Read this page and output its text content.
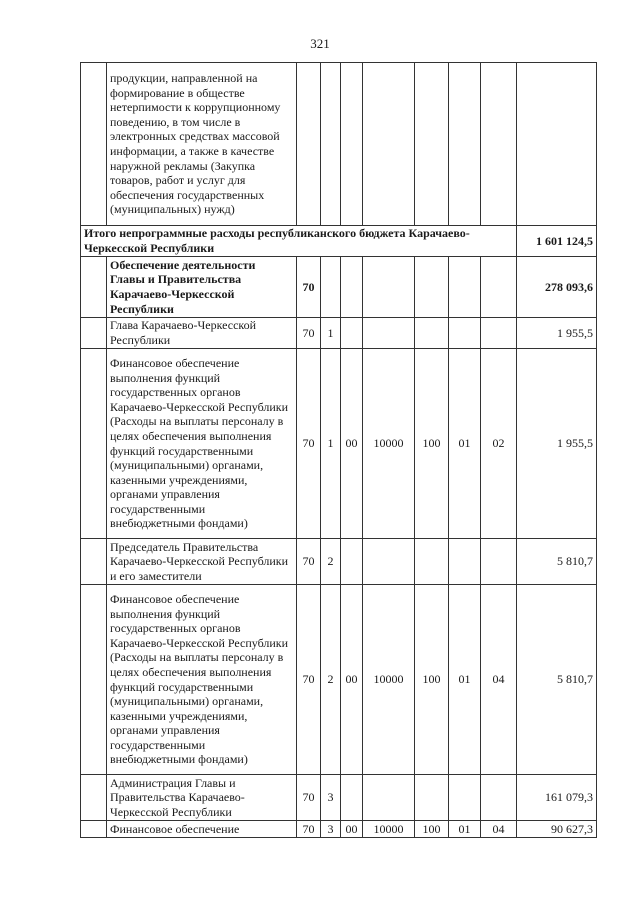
321
	продукции, направленной на формирование в обществе нетерпимости к коррупционному поведению, в том числе в электронных средствах массовой информации, а также в качестве наружной рекламы (Закупка товаров, работ и услуг для обеспечения государственных (муниципальных) нужд)								
Итого непрограммные расходы республиканского бюджета Карачаево-Черкесской Республики									1 601 124,5
	Обеспечение деятельности Главы и Правительства Карачаево-Черкесской Республики	70							278 093,6
	Глава Карачаево-Черкесской Республики	70	1						1 955,5
	Финансовое обеспечение выполнения функций государственных органов Карачаево-Черкесской Республики (Расходы на выплаты персоналу в целях обеспечения выполнения функций государственными (муниципальными) органами, казенными учреждениями, органами управления государственными внебюджетными фондами)	70	1	00	10000	100	01	02	1 955,5
	Председатель Правительства Карачаево-Черкесской Республики и его заместители	70	2						5 810,7
	Финансовое обеспечение выполнения функций государственных органов Карачаево-Черкесской Республики (Расходы на выплаты персоналу в целях обеспечения выполнения функций государственными (муниципальными) органами, казенными учреждениями, органами управления государственными внебюджетными фондами)	70	2	00	10000	100	01	04	5 810,7
	Администрация Главы и Правительства Карачаево-Черкесской Республики	70	3						161 079,3
	Финансовое обеспечение	70	3	00	10000	100	01	04	90 627,3
